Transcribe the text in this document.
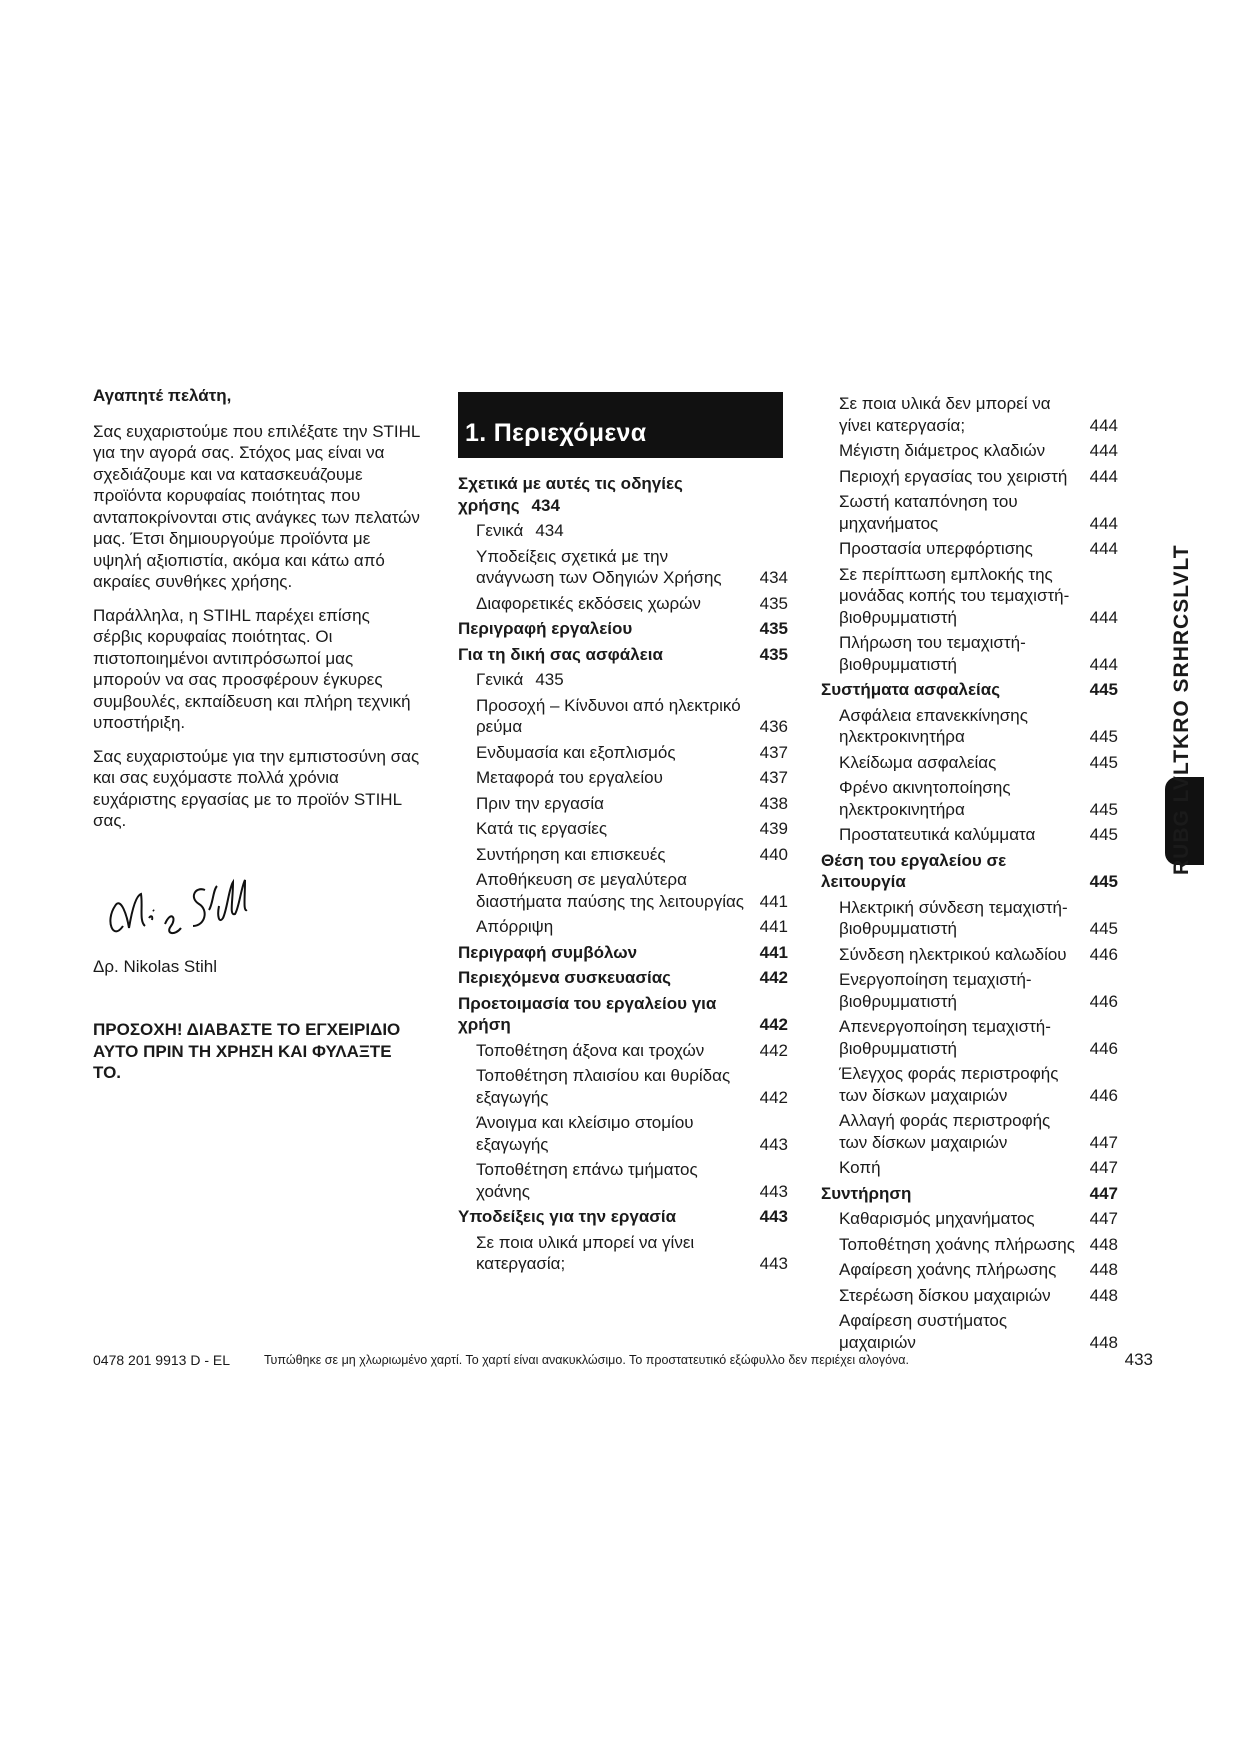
Αγαπητέ πελάτη,
Σας ευχαριστούμε που επιλέξατε την STIHL για την αγορά σας. Στόχος μας είναι να σχεδιάζουμε και να κατασκευάζουμε προϊόντα κορυφαίας ποιότητας που ανταποκρίνονται στις ανάγκες των πελατών μας. Έτσι δημιουργούμε προϊόντα με υψηλή αξιοπιστία, ακόμα και κάτω από ακραίες συνθήκες χρήσης.
Παράλληλα, η STIHL παρέχει επίσης σέρβις κορυφαίας ποιότητας. Οι πιστοποιημένοι αντιπρόσωποί μας μπορούν να σας προσφέρουν έγκυρες συμβουλές, εκπαίδευση και πλήρη τεχνική υποστήριξη.
Σας ευχαριστούμε για την εμπιστοσύνη σας και σας ευχόμαστε πολλά χρόνια ευχάριστης εργασίας με το προϊόν STIHL σας.
Δρ. Nikolas Stihl
ΠΡΟΣΟΧΗ! ΔΙΑΒΑΣΤΕ ΤΟ ΕΓΧΕΙΡΙΔΙΟ ΑΥΤΟ ΠΡΙΝ ΤΗ ΧΡΗΣΗ ΚΑΙ ΦΥΛΑΞΤΕ ΤΟ.
1. Περιεχόμενα
Σχετικά με αυτές τις οδηγίες χρήσης 434
Γενικά 434
Υποδείξεις σχετικά με την ανάγνωση των Οδηγιών Χρήσης	434
Διαφορετικές εκδόσεις χωρών	435
Περιγραφή εργαλείου	435
Για τη δική σας ασφάλεια	435
Γενικά 435
Προσοχή – Κίνδυνοι από ηλεκτρικό ρεύμα	436
Ενδυμασία και εξοπλισμός	437
Μεταφορά του εργαλείου	437
Πριν την εργασία	438
Κατά τις εργασίες	439
Συντήρηση και επισκευές	440
Αποθήκευση σε μεγαλύτερα διαστήματα παύσης της λειτουργίας 441
Απόρριψη	441
Περιγραφή συμβόλων	441
Περιεχόμενα συσκευασίας	442
Προετοιμασία του εργαλείου για χρήση	442
Τοποθέτηση άξονα και τροχών	442
Τοποθέτηση πλαισίου και θυρίδας εξαγωγής	442
Άνοιγμα και κλείσιμο στομίου εξαγωγής	443
Τοποθέτηση επάνω τμήματος χοάνης	443
Υποδείξεις για την εργασία	443
Σε ποια υλικά μπορεί να γίνει κατεργασία;	443
Σε ποια υλικά δεν μπορεί να γίνει κατεργασία;	444
Μέγιστη διάμετρος κλαδιών	444
Περιοχή εργασίας του χειριστή	444
Σωστή καταπόνηση του μηχανήματος	444
Προστασία υπερφόρτισης	444
Σε περίπτωση εμπλοκής της μονάδας κοπής του τεμαχιστή-βιοθρυμματιστή	444
Πλήρωση του τεμαχιστή-βιοθρυμματιστή	444
Συστήματα ασφαλείας	445
Ασφάλεια επανεκκίνησης ηλεκτροκινητήρα	445
Κλείδωμα ασφαλείας	445
Φρένο ακινητοποίησης ηλεκτροκινητήρα	445
Προστατευτικά καλύμματα	445
Θέση του εργαλείου σε λειτουργία	445
Ηλεκτρική σύνδεση τεμαχιστή-βιοθρυμματιστή	445
Σύνδεση ηλεκτρικού καλωδίου	446
Ενεργοποίηση τεμαχιστή-βιοθρυμματιστή	446
Απενεργοποίηση τεμαχιστή-βιοθρυμματιστή	446
Έλεγχος φοράς περιστροφής των δίσκων μαχαιριών	446
Αλλαγή φοράς περιστροφής των δίσκων μαχαιριών	447
Κοπή	447
Συντήρηση	447
Καθαρισμός μηχανήματος	447
Τοποθέτηση χοάνης πλήρωσης 448
Αφαίρεση χοάνης πλήρωσης	448
Στερέωση δίσκου μαχαιριών	448
Αφαίρεση συστήματος μαχαιριών	448
RUBG LVLTKRO SRHRCSLVLT
0478 201 9913 D - EL	Τυπώθηκε σε μη χλωριωμένο χαρτί. Το χαρτί είναι ανακυκλώσιμο. Το προστατευτικό εξώφυλλο δεν περιέχει αλογόνα.	433
